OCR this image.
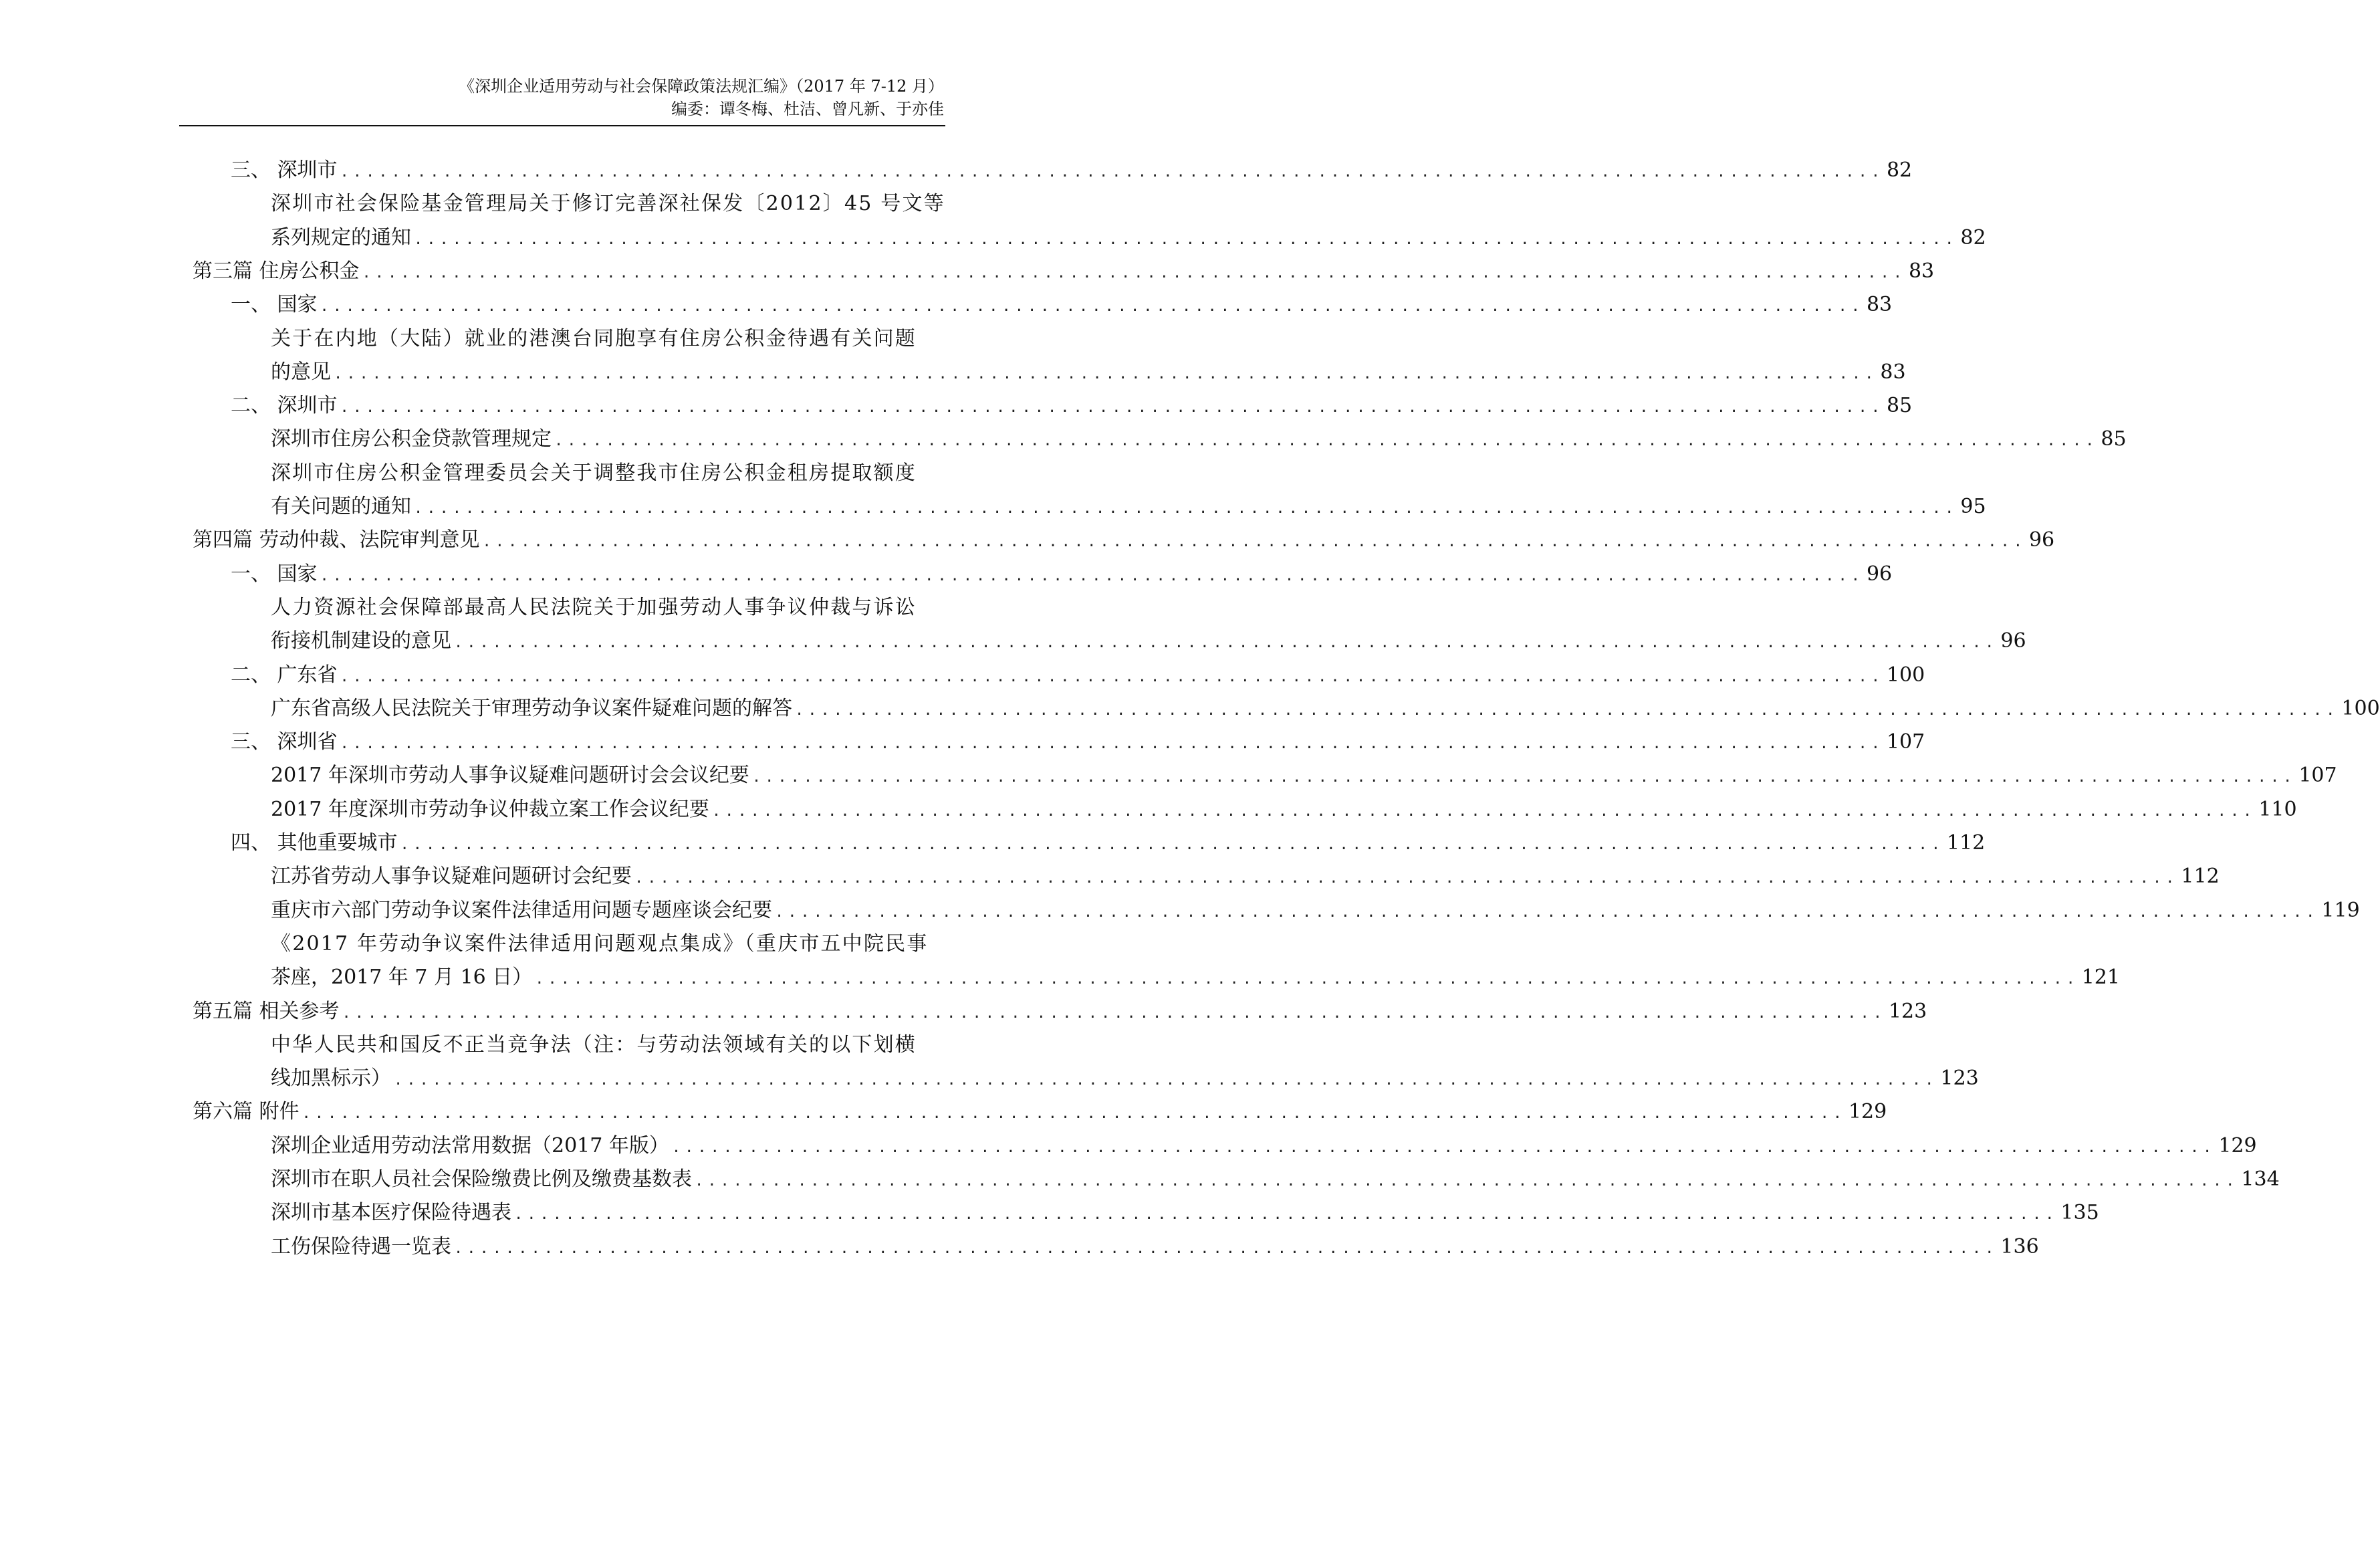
《深圳企业适用劳动与社会保障政策法规汇编》（2017 年 7-12 月）
编委：谭冬梅、杜洁、曾凡新、于亦佳
三、 深圳市 ........................................................................................................................ 82
深圳市社会保险基金管理局关于修订完善深社保发〔2012〕45 号文等
系列规定的通知 ........................................................................................................................ 82
第三篇 住房公积金 ........................................................................................................................ 83
一、 国家 ........................................................................................................................ 83
关于在内地（大陆）就业的港澳台同胞享有住房公积金待遇有关问题
的意见 ........................................................................................................................ 83
二、 深圳市 ........................................................................................................................ 85
深圳市住房公积金贷款管理规定 ........................................................................................................................ 85
深圳市住房公积金管理委员会关于调整我市住房公积金租房提取额度
有关问题的通知 ........................................................................................................................ 95
第四篇 劳动仲裁、法院审判意见 ........................................................................................................................ 96
一、 国家 ........................................................................................................................ 96
人力资源社会保障部最高人民法院关于加强劳动人事争议仲裁与诉讼
衔接机制建设的意见 ........................................................................................................................ 96
二、 广东省 ........................................................................................................................ 100
广东省高级人民法院关于审理劳动争议案件疑难问题的解答 ........................................................................................................................ 100
三、 深圳省 ........................................................................................................................ 107
2017 年深圳市劳动人事争议疑难问题研讨会会议纪要 ........................................................................................................................ 107
2017 年度深圳市劳动争议仲裁立案工作会议纪要 ........................................................................................................................ 110
四、 其他重要城市 ........................................................................................................................ 112
江苏省劳动人事争议疑难问题研讨会纪要 ........................................................................................................................ 112
重庆市六部门劳动争议案件法律适用问题专题座谈会纪要 ........................................................................................................................ 119
《2017 年劳动争议案件法律适用问题观点集成》（重庆市五中院民事
茶座，2017 年 7 月 16 日） ........................................................................................................................ 121
第五篇 相关参考 ........................................................................................................................ 123
中华人民共和国反不正当竞争法（注：与劳动法领域有关的以下划横
线加黑标示） ........................................................................................................................ 123
第六篇 附件 ........................................................................................................................ 129
深圳企业适用劳动法常用数据（2017 年版） ........................................................................................................................ 129
深圳市在职人员社会保险缴费比例及缴费基数表 ........................................................................................................................ 134
深圳市基本医疗保险待遇表 ........................................................................................................................ 135
工伤保险待遇一览表 ........................................................................................................................ 136
